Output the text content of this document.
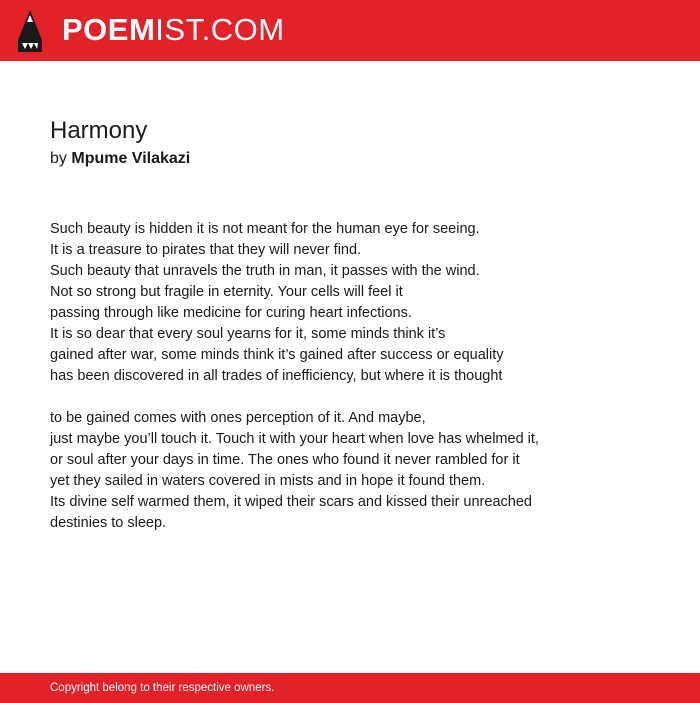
POEMIST.COM
Harmony
by Mpume Vilakazi

Such beauty is hidden it is not meant for the human eye for seeing.
It is a treasure to pirates that they will never find.
Such beauty that unravels the truth in man, it passes with the wind.
Not so strong but fragile in eternity. Your cells will feel it
passing through like medicine for curing heart infections.
It is so dear that every soul yearns for it, some minds think it’s
gained after war, some minds think it’s gained after success or equality
has been discovered in all trades of inefficiency, but where it is thought

to be gained comes with ones perception of it. And maybe,
just maybe you’ll touch it. Touch it with your heart when love has whelmed it,
or soul after your days in time. The ones who found it never rambled for it
yet they sailed in waters covered in mists and in hope it found them.
Its divine self warmed them, it wiped their scars and kissed their unreached
destinies to sleep.

Copyright belong to their respective owners.
